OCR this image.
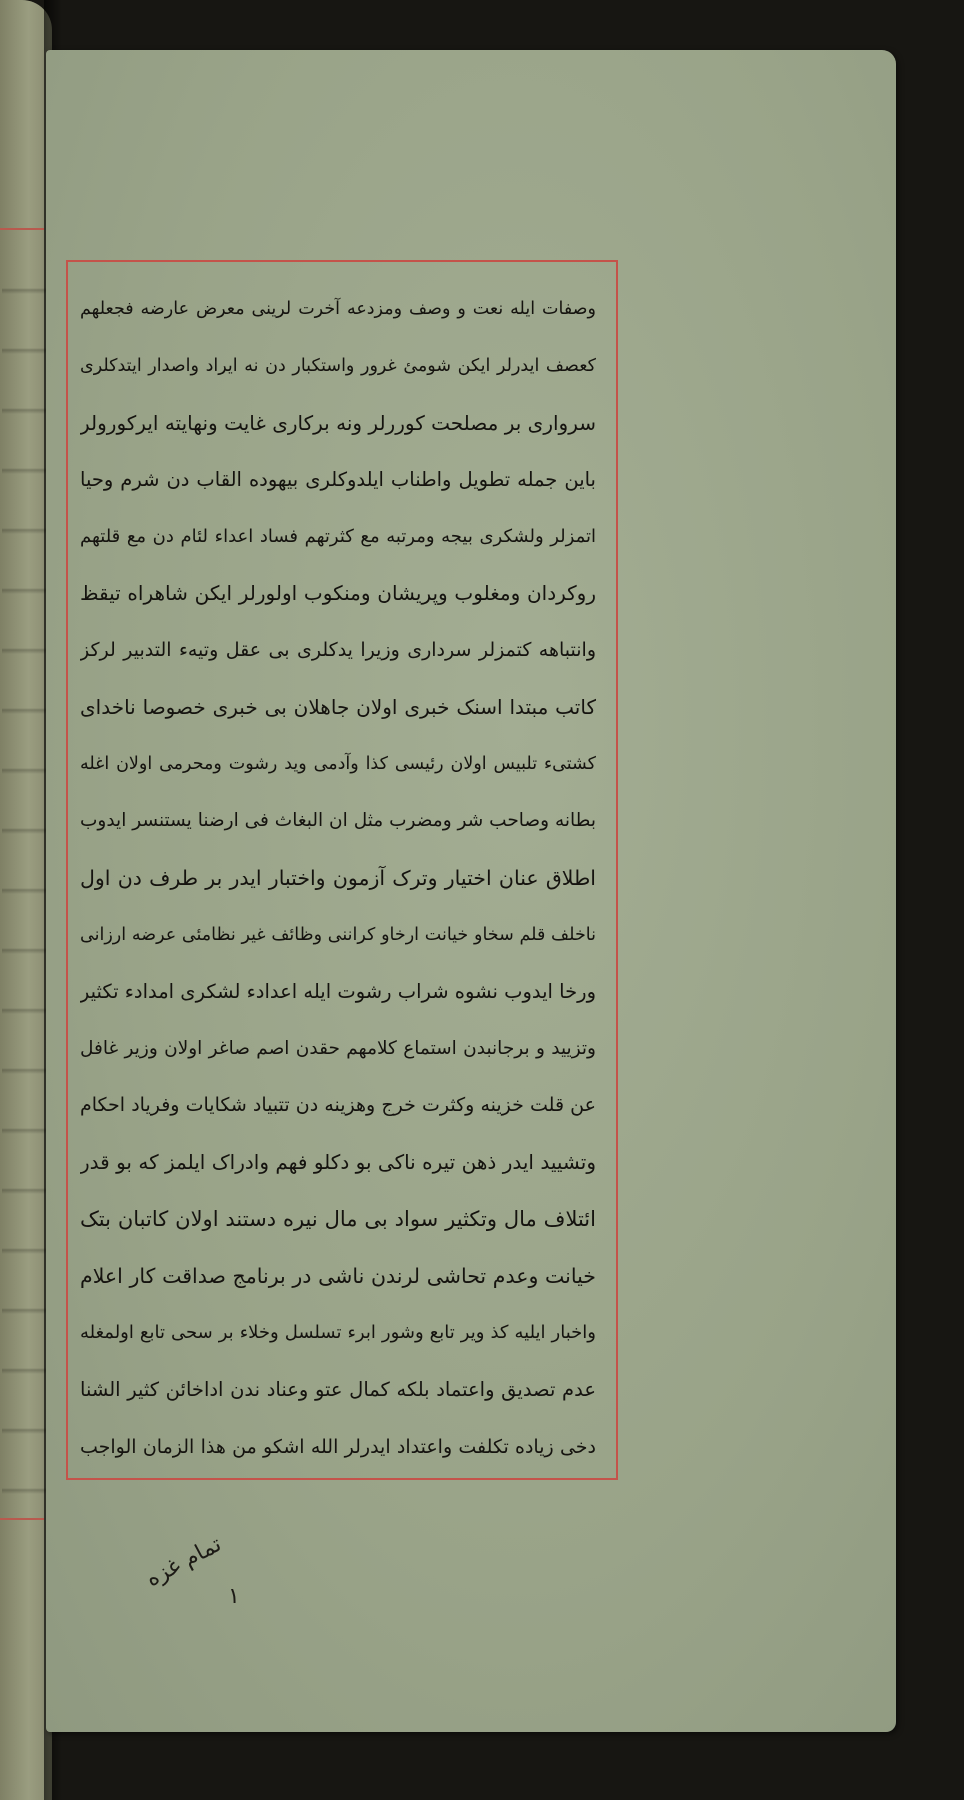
وصفات ایله نعت و وصف ومزدعه آخرت لرینی معرض عارضه فجعلهم
کعصف ایدرلر ایکن شومئ غرور واستکبار دن نه ایراد واصدار ایتدکلری
سرواری بر مصلحت کوررلر ونه برکاری غایت ونهایته ایرکورولر
باین جمله تطویل واطناب ایلدوکلری بیهوده القاب دن شرم وحیا
اتمزلر ولشکری بیجه ومرتبه مع کثرتهم فساد اعداء لئام دن مع قلتهم
روکردان ومغلوب وپریشان ومنکوب اولورلر ایکن شاهراه تیقظ
وانتباهه کتمزلر سرداری وزیرا یدکلری بی عقل وتیهء التدبیر لرکز
کاتب مبتدا اسنک خبری اولان جاهلان بی خبری خصوصا ناخدای
کشتیء تلبیس اولان رئیسی کذا وآدمی وید رشوت ومحرمی اولان اغله
بطانه وصاحب شر ومضرب مثل ان البغاث فی ارضنا یستنسر ایدوب
اطلاق عنان اختیار وترک آزمون واختبار ایدر بر طرف دن اول
ناخلف قلم سخاو خیانت ارخاو کراننی وظائف غیر نظامئی عرضه ارزانی
ورخا ایدوب نشوه شراب رشوت ایله اعدادء لشکری امدادء تکثیر
وتزیید و برجانبدن استماع کلامهم حقدن اصم صاغر اولان وزیر غافل
عن قلت خزینه وکثرت خرج وهزینه دن تتبیاد شکایات وفریاد احکام
وتشیید ایدر ذهن تیره ناکی بو دکلو فهم وادراک ایلمز که بو قدر
ائتلاف مال وتکثیر سواد بی مال نیره دستند اولان کاتبان بتک
خیانت وعدم تحاشی لرندن ناشی در برنامج صداقت کار اعلام
واخبار ایلیه کذ ویر تابع وشور ابرء تسلسل وخلاء بر سحی تابع اولمغله
عدم تصدیق واعتماد بلکه کمال عتو وعناد ندن اداخائن کثیر الشنا
دخی زیاده تکلفت واعتداد ایدرلر الله اشکو من هذا الزمان الواجب
تمام غزه
١
